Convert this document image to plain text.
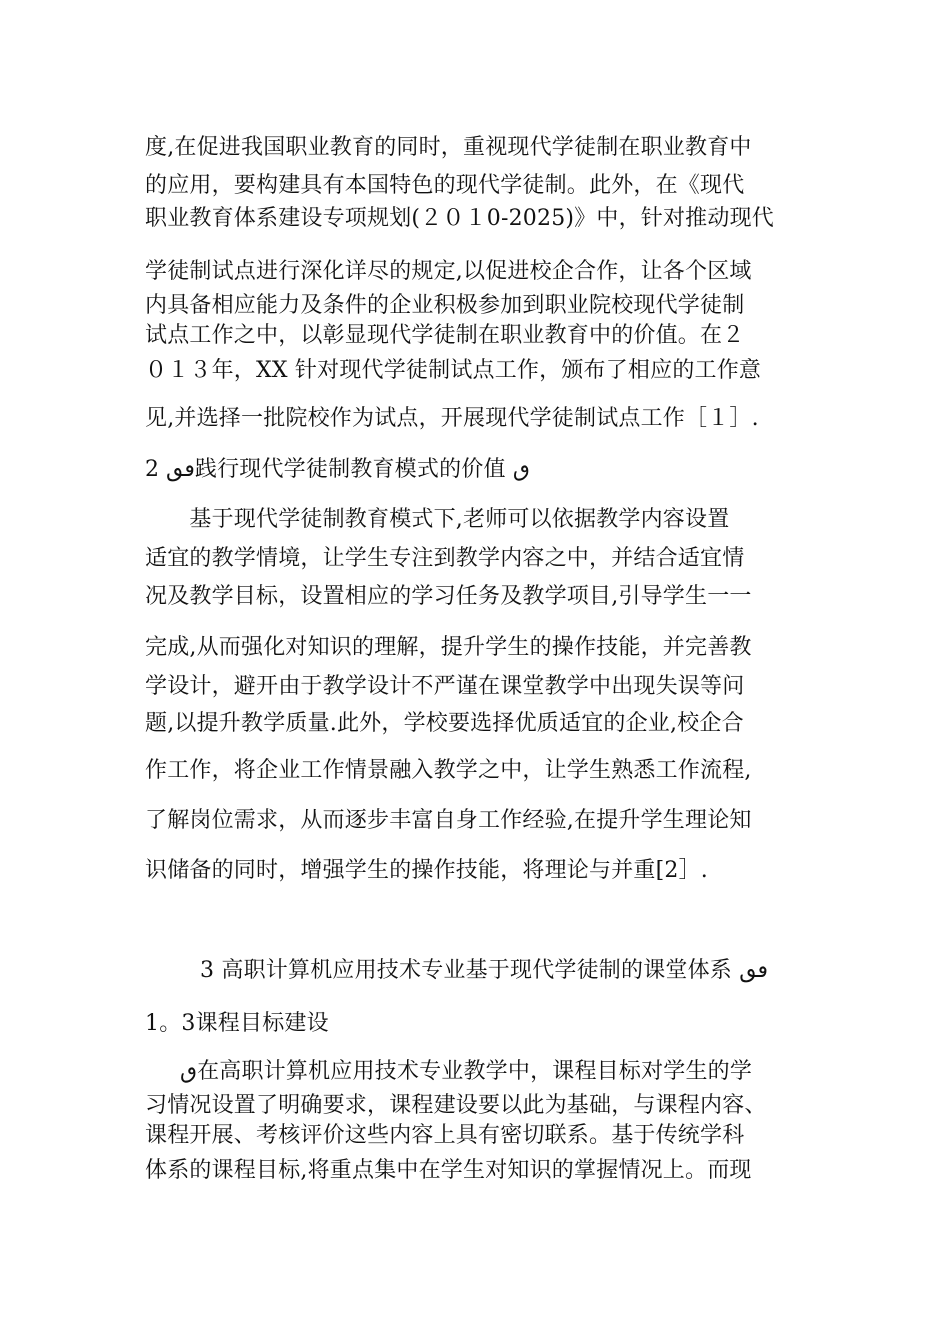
度,在促进我国职业教育的同时，重视现代学徒制在职业教育中
的应用，要构建具有本国特色的现代学徒制。此外，在《现代
职业教育体系建设专项规划(２０１0-2025)》中，针对推动现代
学徒制试点进行深化详尽的规定,以促进校企合作，让各个区域
内具备相应能力及条件的企业积极参加到职业院校现代学徒制
试点工作之中，以彰显现代学徒制在职业教育中的价值。在２
０１３年，XX 针对现代学徒制试点工作，颁布了相应的工作意
见,并选择一批院校作为试点，开展现代学徒制试点工作［１］.
2 ٯٯ践行现代学徒制教育模式的价值 ٯ
　　基于现代学徒制教育模式下,老师可以依据教学内容设置
适宜的教学情境，让学生专注到教学内容之中，并结合适宜情
况及教学目标，设置相应的学习任务及教学项目,引导学生一一
完成,从而强化对知识的理解，提升学生的操作技能，并完善教
学设计，避开由于教学设计不严谨在课堂教学中出现失误等问
题,以提升教学质量.此外，学校要选择优质适宜的企业,校企合
作工作，将企业工作情景融入教学之中，让学生熟悉工作流程,
了解岗位需求，从而逐步丰富自身工作经验,在提升学生理论知
识储备的同时，增强学生的操作技能，将理论与并重[2］.
3 高职计算机应用技术专业基于现代学徒制的课堂体系 ٯٯ
1。3课程目标建设
ٯ在高职计算机应用技术专业教学中，课程目标对学生的学
习情况设置了明确要求，课程建设要以此为基础，与课程内容、
课程开展、考核评价这些内容上具有密切联系。基于传统学科
体系的课程目标,将重点集中在学生对知识的掌握情况上。而现
